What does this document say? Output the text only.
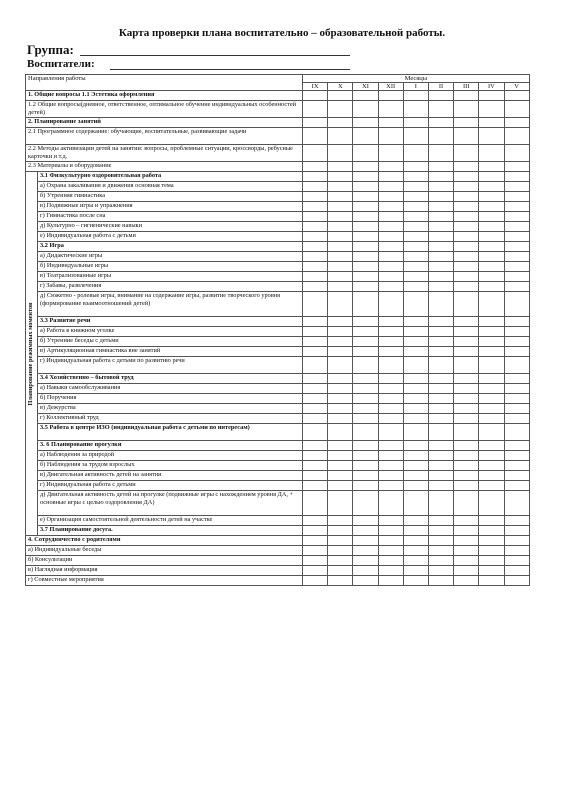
Карта проверки плана воспитательно – образовательной работы.
Группа:
Воспитатели:
Направления работы		Месяцы								
		IX	X	XI	XII	I	II	III	IV	V
1. Общие вопросы 1.1 Эстетика оформления										
1.2 Общие вопросы(дневное, ответственное, оптимальное обучение индивидуальных особенностей детей)										
2. Планирование занятий										
2.1 Программное содержание: обучающие, воспитательные, развивающие задачи										
2.2 Методы активизации детей на занятии: вопросы, проблемные ситуации, кроссворды, ребусные карточки и т.д.										
2.3 Материалы и оборудование										

Планирование режимных моментов	3.1 Физкультурно оздоровительная работа									
	а) Охрана закаливания и движения основная тема									
	б) Утренняя гимнастика									
	в) Подвижные игры и упражнения									
	г) Гимнастика после сна									
	д) Культурно – гигиенические навыки									
	е) Индивидуальная работа с детьми									
	3.2 Игра									
	а) Дидактические игры									
	б) Индивидуальные игры									
	в) Театрализованные игры									
	г) Забавы, развлечения									
	д) Сюжетно - ролевые игры, внимание на содержание игры, развитие творческого уровня (формирование взаимоотношений детей)									
	3.3 Развитие речи									
	а) Работа в книжном уголке									
	б) Утренние беседы с детьми									
	в) Артикуляционная гимнастика вне занятий									
	г) Индивидуальная работа с детьми по развитию речи									
	3.4 Хозяйственно – бытовой труд									
	а) Навыки самообслуживания									
	б) Поручения									
	в) Дежурства									
	г) Коллективный труд									
	3.5 Работа в центре ИЗО (индивидуальная работа с детьми по интересам)									
	3. 6 Планирование прогулки									
	а) Наблюдения за природой									
	б) Наблюдения за трудом взрослых									
	в) Двигательная активность детей на занятии									
	г) Индивидуальная работа с детьми									
	д) Двигательная активность детей на прогулке (подвижные игры с нахождением уровня ДА, + основные игры с целью оздоровления ДА)									
	е) Организация самостоятельной деятельности детей на участке									
	3.7 Планирование досуга.									
4. Сотрудничество с родителями										
а) Индивидуальные беседы										
б) Консультации										
в) Наглядная информация										
г) Совместные мероприятия										
